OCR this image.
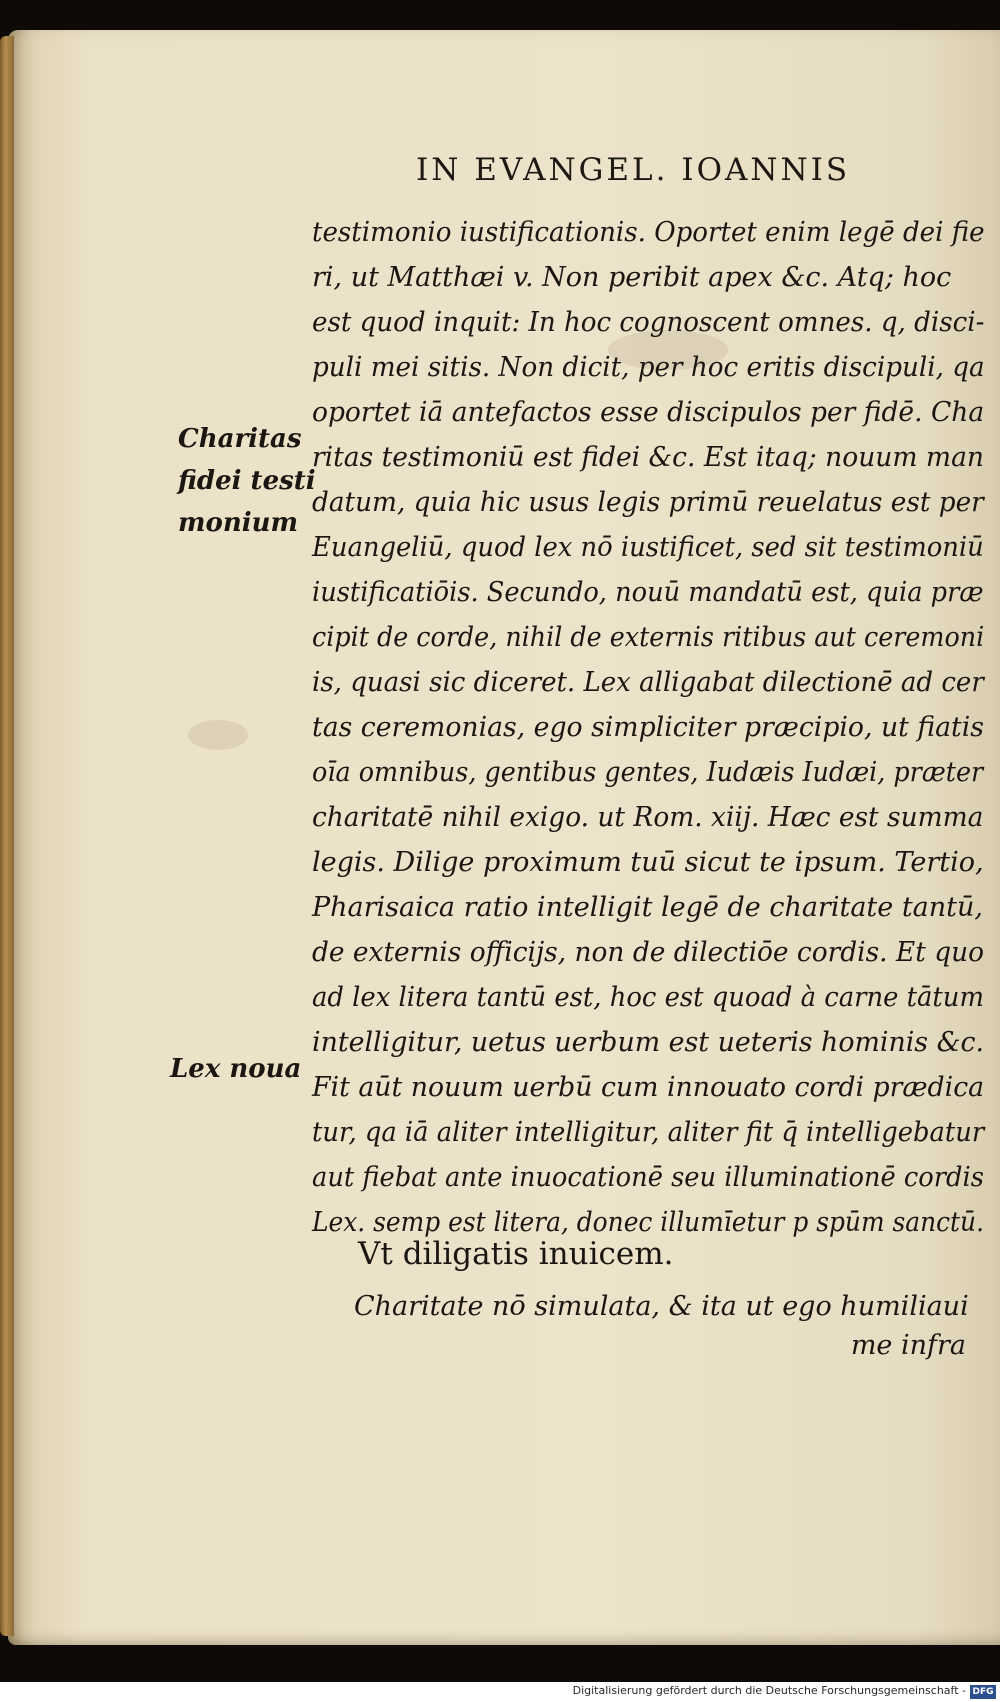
IN EVANGEL. IOANNIS
Charitas
fidei testi
monium
Lex noua
testimonio iustificationis. Oportet enim legē dei fie
ri, ut Matthæi v. Non peribit apex &c. Atq; hoc
est quod inquit: In hoc cognoscent omnes. q, disci-
puli mei sitis. Non dicit, per hoc eritis discipuli, qa
oportet iā antefactos esse discipulos per fidē. Cha
ritas testimoniū est fidei &c. Est itaq; nouum man
datum, quia hic usus legis primū reuelatus est per
Euangeliū, quod lex nō iustificet, sed sit testimoniū
iustificatiōis. Secundo, nouū mandatū est, quia præ
cipit de corde, nihil de externis ritibus aut ceremoni
is, quasi sic diceret. Lex alligabat dilectionē ad cer
tas ceremonias, ego simpliciter præcipio, ut fiatis
oīa omnibus, gentibus gentes, Iudæis Iudæi, præter
charitatē nihil exigo. ut Rom. xiij. Hæc est summa
legis. Dilige proximum tuū sicut te ipsum. Tertio,
Pharisaica ratio intelligit legē de charitate tantū,
de externis officijs, non de dilectiōe cordis. Et quo
ad lex litera tantū est, hoc est quoad à carne tātum
intelligitur, uetus uerbum est ueteris hominis &c.
Fit aūt nouum uerbū cum innouato cordi prædica
tur, qa iā aliter intelligitur, aliter fit q̄ intelligebatur
aut fiebat ante inuocationē seu illuminationē cordis
Lex. semp est litera, donec illumīetur p spūm sanctū.
Vt diligatis inuicem.
Charitate nō simulata, & ita ut ego humiliaui
me infra
Digitalisierung gefördert durch die Deutsche Forschungsgemeinschaft - DFG
